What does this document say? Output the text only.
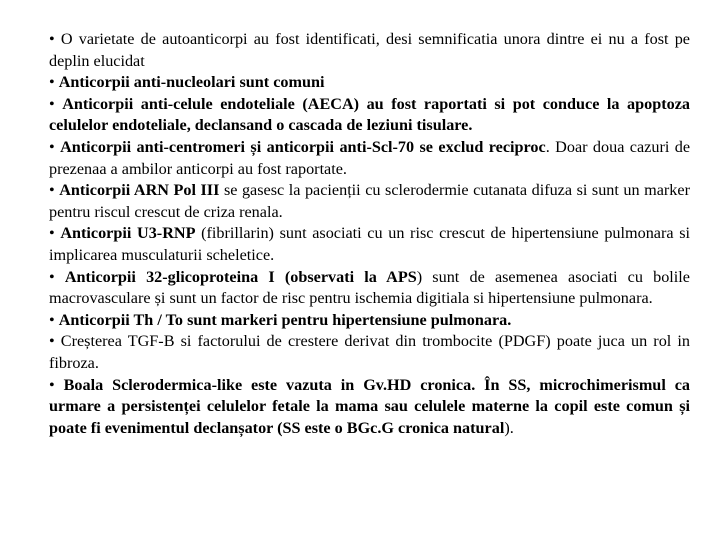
• O varietate de autoanticorpi au fost identificati, desi semnificatia unora dintre ei nu a fost pe deplin elucidat

• Anticorpii anti-nucleolari sunt comuni

• Anticorpii anti-celule endoteliale (AECA) au fost raportati si pot conduce la apoptoza celulelor endoteliale, declansand o cascada de leziuni tisulare.

• Anticorpii anti-centromeri și anticorpii anti-Scl-70 se exclud reciproc. Doar doua cazuri de prezenaa a ambilor anticorpi au fost raportate.

• Anticorpii ARN Pol III se gasesc la pacienții cu sclerodermie cutanata difuza si sunt un marker pentru riscul crescut de criza renala.

• Anticorpii U3-RNP (fibrillarin) sunt asociati cu un risc crescut de hipertensiune pulmonara si implicarea musculaturii scheletice.

• Anticorpii 32-glicoproteina I (observati la APS) sunt de asemenea asociati cu bolile macrovasculare și sunt un factor de risc pentru ischemia digitiala si hipertensiune pulmonara.

• Anticorpii Th / To sunt markeri pentru hipertensiune pulmonara.

• Creșterea TGF-B si factorului de crestere derivat din trombocite (PDGF) poate juca un rol in fibroza.

• Boala Sclerodermica-like este vazuta in Gv.HD cronica. În SS, microchimerismul ca urmare a persistenței celulelor fetale la mama sau celulele materne la copil este comun și poate fi evenimentul declanșator (SS este o BGc.G cronica natural).
